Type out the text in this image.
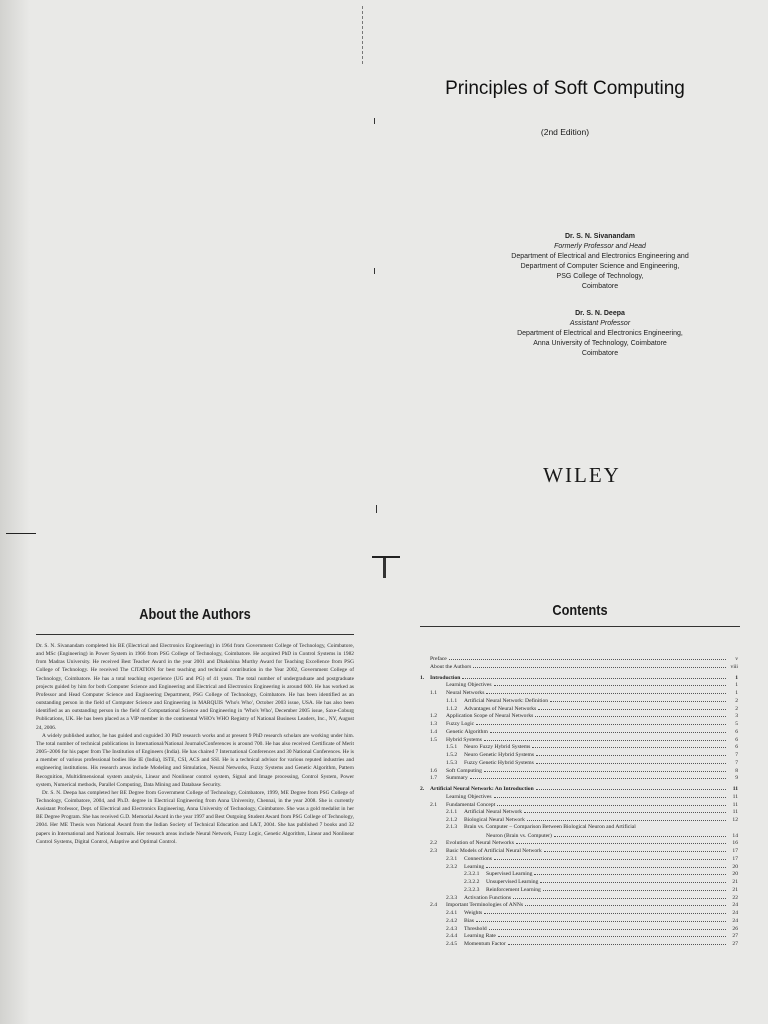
Principles of Soft Computing
(2nd Edition)
Dr. S. N. Sivanandam
Formerly Professor and Head
Department of Electrical and Electronics Engineering and
Department of Computer Science and Engineering,
PSG College of Technology,
Coimbatore
Dr. S. N. Deepa
Assistant Professor
Department of Electrical and Electronics Engineering,
Anna University of Technology, Coimbatore
Coimbatore
WILEY
About the Authors

Dr. S. N. Sivanandam completed his BE (Electrical and Electronics Engineering) in 1964 from Government College of Technology, Coimbatore, and MSc (Engineering) in Power System in 1966 from PSG College of Technology, Coimbatore. He acquired PhD in Control Systems in 1982 from Madras University. He received Best Teacher Award in the year 2001 and Dhakshina Murthy Award for Teaching Excellence from PSG College of Technology. He received The CITATION for best teaching and technical contribution in the Year 2002, Government College of Technology, Coimbatore. He has a total teaching experience (UG and PG) of 41 years. The total number of undergraduate and postgraduate projects guided by him for both Computer Science and Engineering and Electrical and Electronics Engineering is around 600. He has worked as Professor and Head Computer Science and Engineering Department, PSG College of Technology, Coimbatore. He has been identified as an outstanding person in the field of Computer Science and Engineering in MARQUIS 'Who's Who', October 2003 issue, USA. He has also been identified as an outstanding person in the field of Computational Science and Engineering in 'Who's Who', December 2005 issue, Saxe-Coburg Publications, UK. He has been placed as a VIP member in the continental WHO's WHO Registry of National Business Leaders, Inc., NY, August 24, 2006.

A widely published author, he has guided and coguided 30 PhD research works and at present 9 PhD research scholars are working under him. The total number of technical publications in International/National Journals/Conferences is around 700. He has also received Certificate of Merit 2005–2006 for his paper from The Institution of Engineers (India). He has chaired 7 International Conferences and 30 National Conferences. He is a member of various professional bodies like IE (India), ISTE, CSI, ACS and SSI. He is a technical advisor for various reputed industries and engineering institutions. His research areas include Modeling and Simulation, Neural Networks, Fuzzy Systems and Genetic Algorithm, Pattern Recognition, Multidimensional system analysis, Linear and Nonlinear control system, Signal and Image processing, Control System, Power system, Numerical methods, Parallel Computing, Data Mining and Database Security.

Dr. S. N. Deepa has completed her BE Degree from Government College of Technology, Coimbatore, 1999, ME Degree from PSG College of Technology, Coimbatore, 2004, and Ph.D. degree in Electrical Engineering from Anna University, Chennai, in the year 2008. She is currently Assistant Professor, Dept. of Electrical and Electronics Engineering, Anna University of Technology, Coimbatore. She was a gold medalist in her BE Degree Program. She has received G.D. Memorial Award in the year 1997 and Best Outgoing Student Award from PSG College of Technology, 2004. Her ME Thesis won National Award from the Indian Society of Technical Education and L&T, 2004. She has published 7 books and 32 papers in International and National Journals. Her research areas include Neural Network, Fuzzy Logic, Genetic Algorithm, Linear and Nonlinear Control Systems, Digital Control, Adaptive and Optimal Control.

Contents
Preface	v
About the Authors	viii
1.	Introduction	1
Learning Objectives	1
1.1	Neural Networks	1
1.1.1	Artificial Neural Network: Definition	2
1.1.2	Advantages of Neural Networks	2
1.2	Application Scope of Neural Networks	3
1.3	Fuzzy Logic	5
1.4	Genetic Algorithm	6
1.5	Hybrid Systems	6
1.5.1	Neuro Fuzzy Hybrid Systems	6
1.5.2	Neuro Genetic Hybrid Systems	7
1.5.3	Fuzzy Genetic Hybrid Systems	7
1.6	Soft Computing	8
1.7	Summary	9
2.	Artificial Neural Network: An Introduction	11
Learning Objectives	11
2.1	Fundamental Concept	11
2.1.1	Artificial Neural Network	11
2.1.2	Biological Neural Network	12
2.1.3	Brain vs. Computer – Comparison Between Biological Neuron and Artificial
Neuron (Brain vs. Computer)	14
2.2	Evolution of Neural Networks	16
2.3	Basic Models of Artificial Neural Network	17
2.3.1	Connections	17
2.3.2	Learning	20
2.3.2.1	Supervised Learning	20
2.3.2.2	Unsupervised Learning	21
2.3.2.3	Reinforcement Learning	21
2.3.3	Activation Functions	22
2.4	Important Terminologies of ANNs	24
2.4.1	Weights	24
2.4.2	Bias	24
2.4.3	Threshold	26
2.4.4	Learning Rate	27
2.4.5	Momentum Factor	27
